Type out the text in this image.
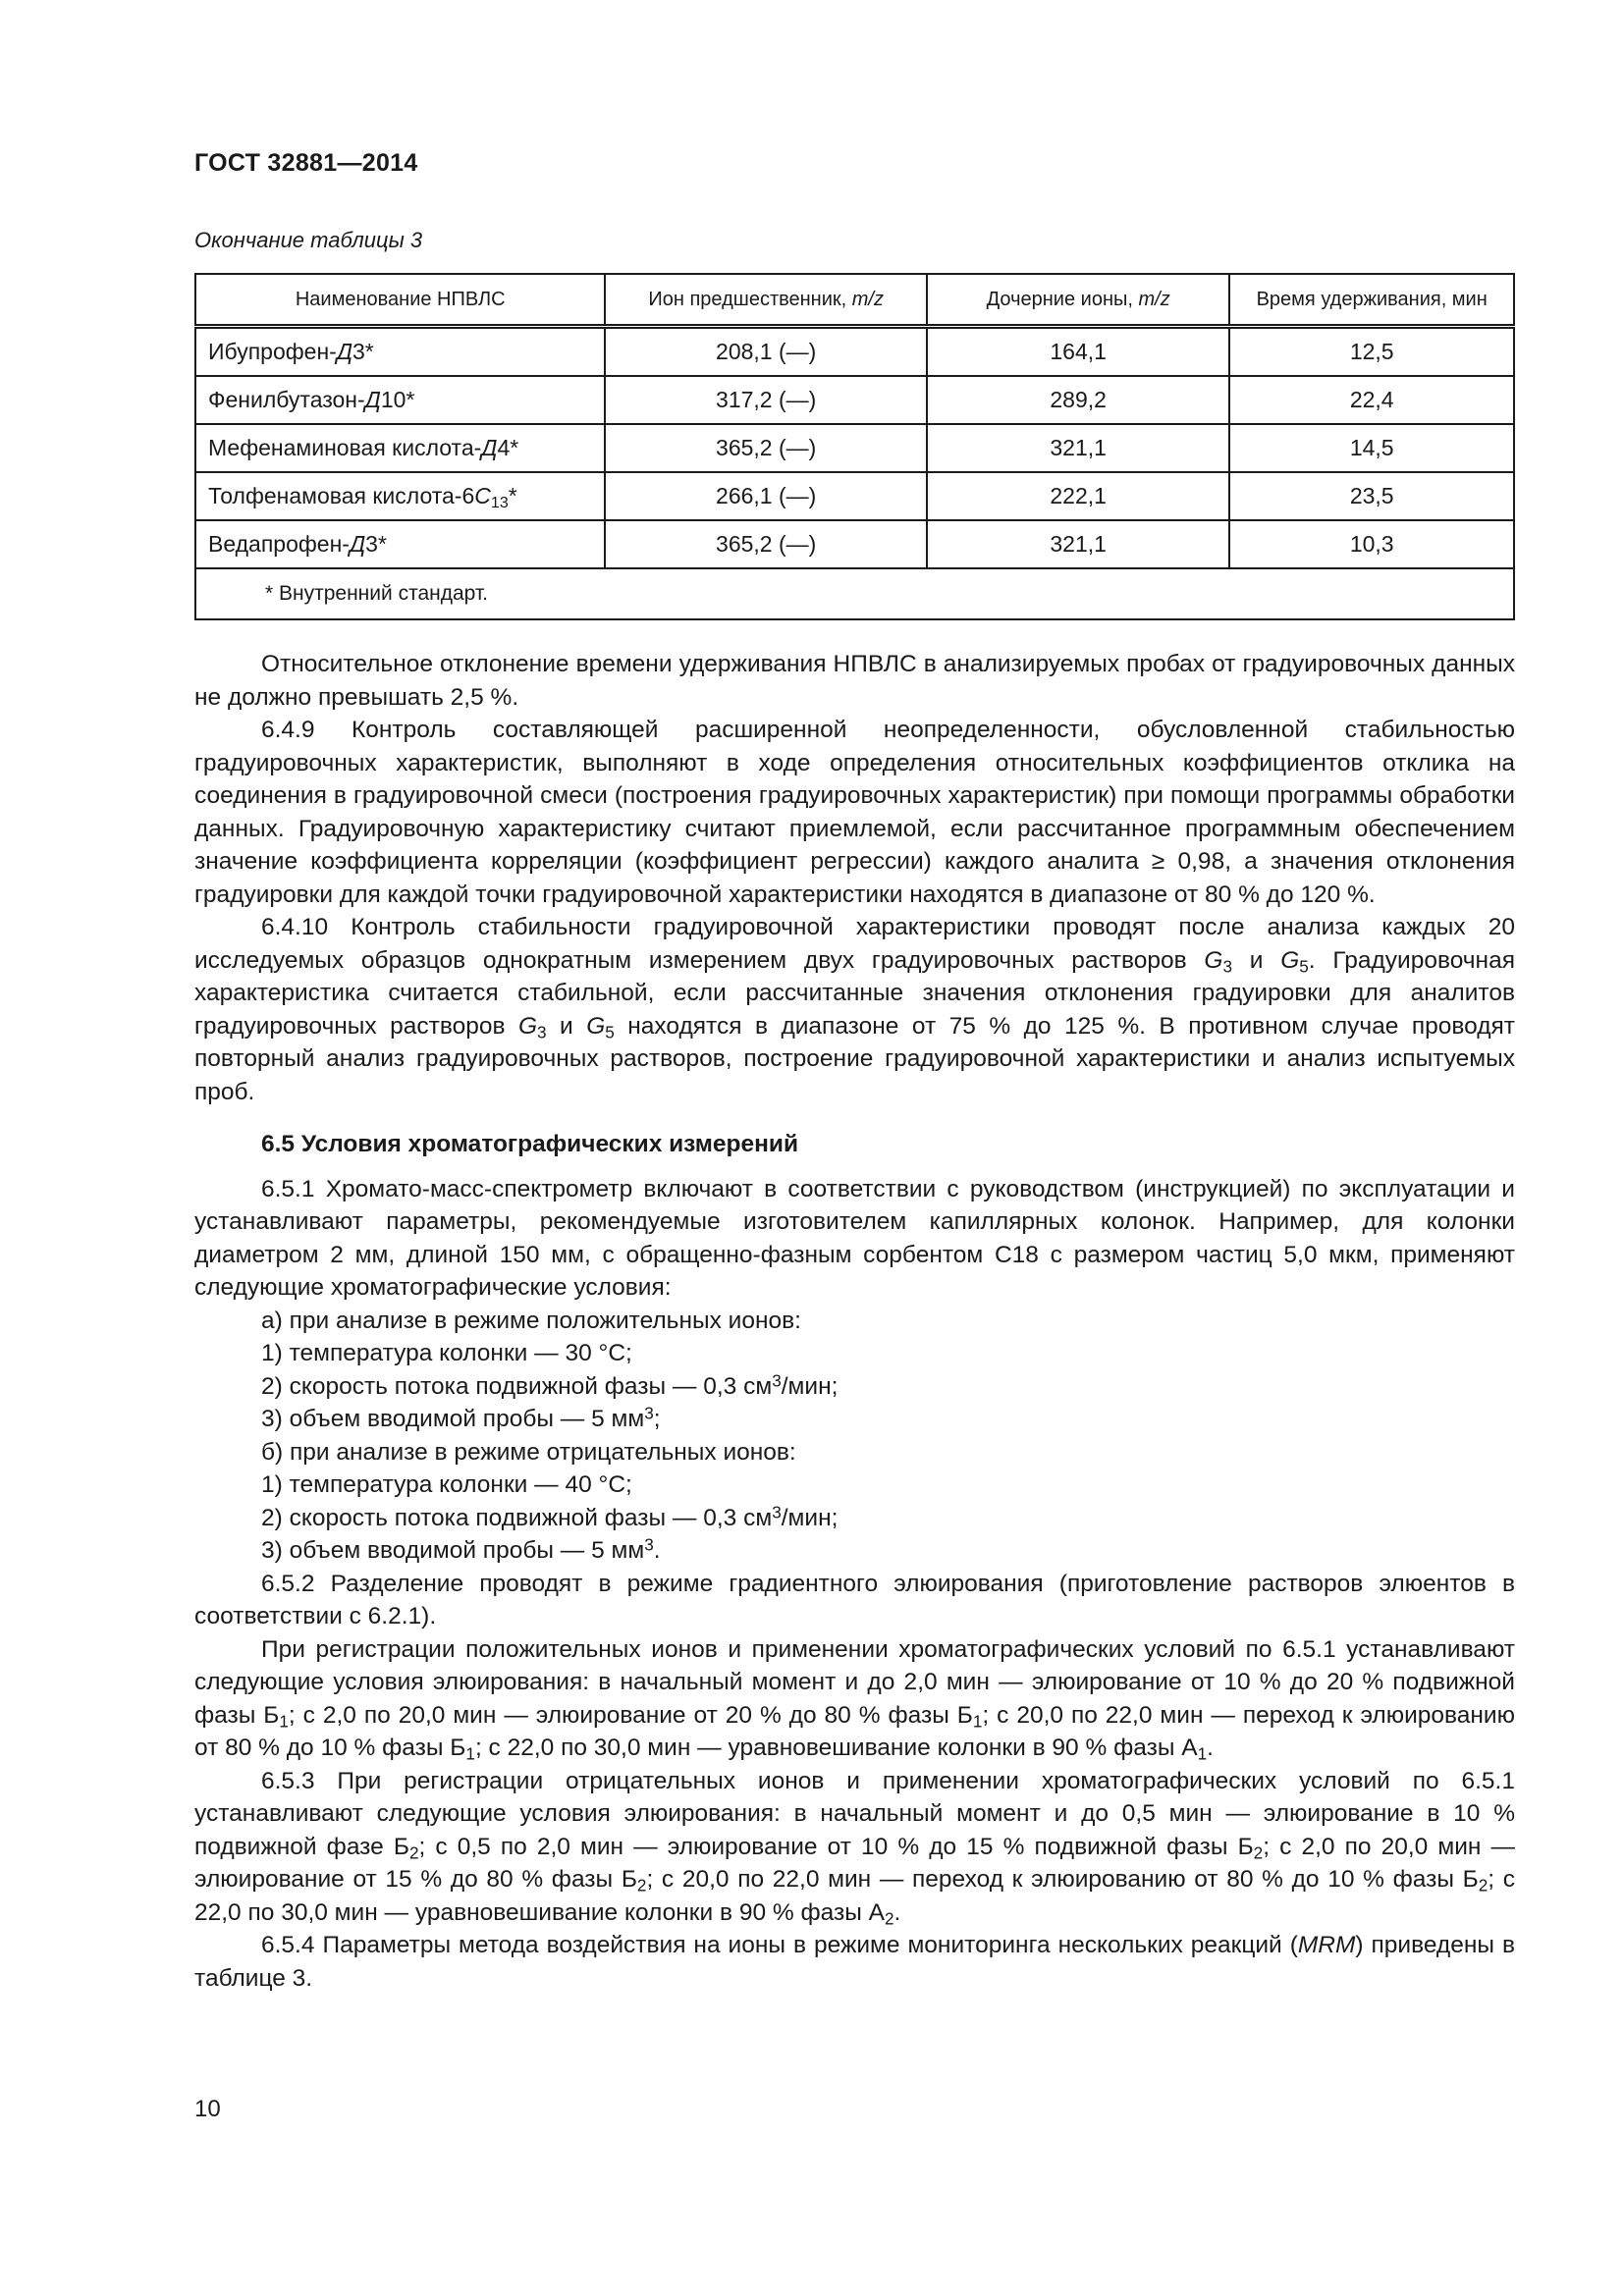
ГОСТ 32881—2014
Окончание таблицы 3
Наименование НПВЛС	Ион предшественник, m/z	Дочерние ионы, m/z	Время удерживания, мин
Ибупрофен-Д3*	208,1 (—)	164,1	12,5
Фенилбутазон-Д10*	317,2 (—)	289,2	22,4
Мефенаминовая кислота-Д4*	365,2 (—)	321,1	14,5
Толфенамовая кислота-$6C_{13}*$	266,1 (—)	222,1	23,5
Ведапрофен-Д3*	365,2 (—)	321,1	10,3
* Внутренний стандарт.			

Относительное отклонение времени удерживания НПВЛС в анализируемых пробах от градуировочных данных не должно превышать 2,5 %.

6.4.9 Контроль составляющей расширенной неопределенности, обусловленной стабильностью градуировочных характеристик, выполняют в ходе определения относительных коэффициентов отклика на соединения в градуировочной смеси (построения градуировочных характеристик) при помощи программы обработки данных. Градуировочную характеристику считают приемлемой, если рассчитанное программным обеспечением значение коэффициента корреляции (коэффициент регрессии) каждого аналита ≥ 0,98, а значения отклонения градуировки для каждой точки градуировочной характеристики находятся в диапазоне от 80 % до 120 %.

6.4.10 Контроль стабильности градуировочной характеристики проводят после анализа каждых 20 исследуемых образцов однократным измерением двух градуировочных растворов $G_3$ и $G_5$. Градуировочная характеристика считается стабильной, если рассчитанные значения отклонения градуировки для аналитов градуировочных растворов $G_3$ и $G_5$ находятся в диапазоне от 75 % до 125 %. В противном случае проводят повторный анализ градуировочных растворов, построение градуировочной характеристики и анализ испытуемых проб.

6.5 Условия хроматографических измерений

6.5.1 Хромато-масс-спектрометр включают в соответствии с руководством (инструкцией) по эксплуатации и устанавливают параметры, рекомендуемые изготовителем капиллярных колонок. Например, для колонки диаметром 2 мм, длиной 150 мм, с обращенно-фазным сорбентом С18 с размером частиц 5,0 мкм, применяют следующие хроматографические условия:

а) при анализе в режиме положительных ионов:

1) температура колонки — 30 °С;

2) скорость потока подвижной фазы — 0,3 $см^3$/мин;

3) объем вводимой пробы — 5 $мм^3$;

б) при анализе в режиме отрицательных ионов:

1) температура колонки — 40 °С;

2) скорость потока подвижной фазы — 0,3 $см^3$/мин;

3) объем вводимой пробы — 5 $мм^3$.

6.5.2 Разделение проводят в режиме градиентного элюирования (приготовление растворов элюентов в соответствии с 6.2.1).

При регистрации положительных ионов и применении хроматографических условий по 6.5.1 устанавливают следующие условия элюирования: в начальный момент и до 2,0 мин — элюирование от 10 % до 20 % подвижной фазы $Б_1$; с 2,0 по 20,0 мин — элюирование от 20 % до 80 % фазы $Б_1$; с 20,0 по 22,0 мин — переход к элюированию от 80 % до 10 % фазы $Б_1$; с 22,0 по 30,0 мин — уравновешивание колонки в 90 % фазы $А_1$.

6.5.3 При регистрации отрицательных ионов и применении хроматографических условий по 6.5.1 устанавливают следующие условия элюирования: в начальный момент и до 0,5 мин — элюирование в 10 % подвижной фазе $Б_2$; с 0,5 по 2,0 мин — элюирование от 10 % до 15 % подвижной фазы $Б_2$; с 2,0 по 20,0 мин — элюирование от 15 % до 80 % фазы $Б_2$; с 20,0 по 22,0 мин — переход к элюированию от 80 % до 10 % фазы $Б_2$; с 22,0 по 30,0 мин — уравновешивание колонки в 90 % фазы $А_2$.

6.5.4 Параметры метода воздействия на ионы в режиме мониторинга нескольких реакций (MRM) приведены в таблице 3.

10
